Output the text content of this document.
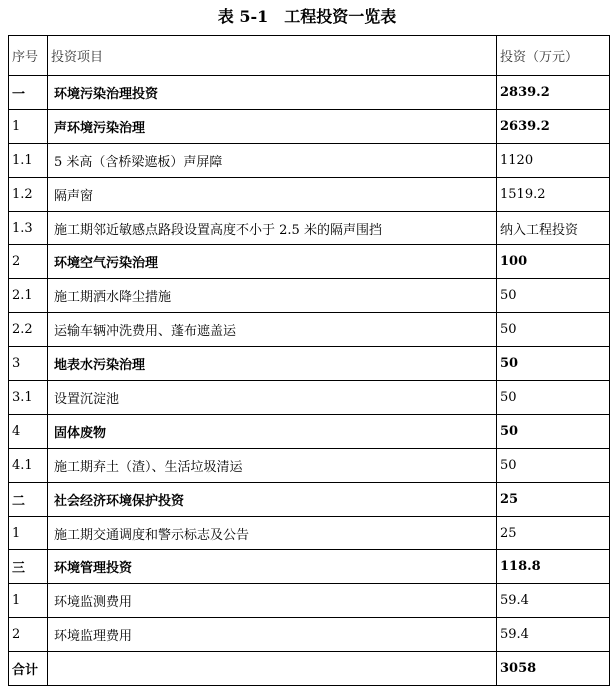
表 5-1　工程投资一览表
序号	投资项目	投资（万元）
一	环境污染治理投资	2839.2
1	声环境污染治理	2639.2
1.1	5 米高（含桥梁遮板）声屏障	1120
1.2	隔声窗	1519.2
1.3	施工期邻近敏感点路段设置高度不小于 2.5 米的隔声围挡	纳入工程投资
2	环境空气污染治理	100
2.1	施工期洒水降尘措施	50
2.2	运输车辆冲洗费用、蓬布遮盖运	50
3	地表水污染治理	50
3.1	设置沉淀池	50
4	固体废物	50
4.1	施工期弃土（渣）、生活垃圾清运	50
二	社会经济环境保护投资	25
1	施工期交通调度和警示标志及公告	25
三	环境管理投资	118.8
1	环境监测费用	59.4
2	环境监理费用	59.4
合计		3058
